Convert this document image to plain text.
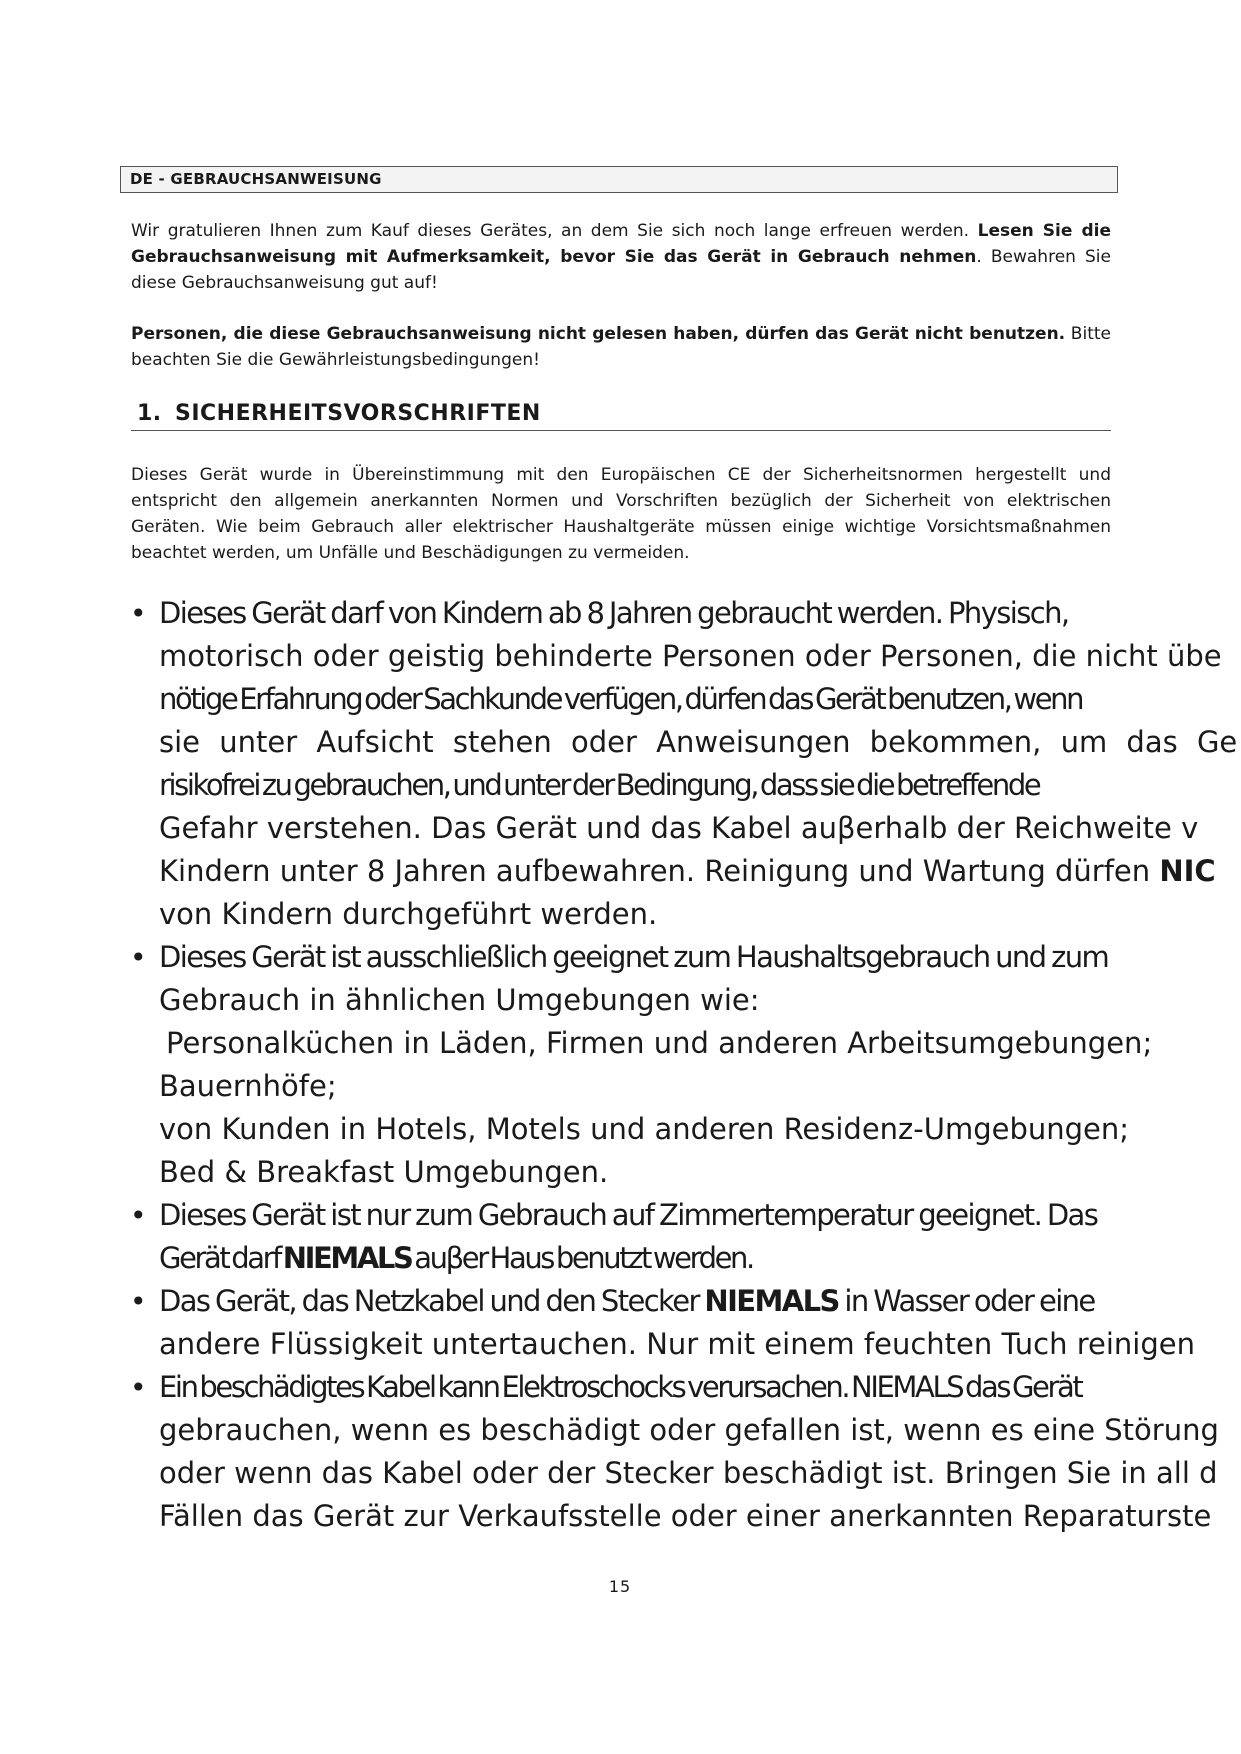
DE - GEBRAUCHSANWEISUNG

Wir gratulieren Ihnen zum Kauf dieses Gerätes, an dem Sie sich noch lange erfreuen werden. Lesen Sie die Gebrauchsanweisung mit Aufmerksamkeit, bevor Sie das Gerät in Gebrauch nehmen. Bewahren Sie diese Gebrauchsanweisung gut auf!

Personen, die diese Gebrauchsanweisung nicht gelesen haben, dürfen das Gerät nicht benutzen. Bitte beachten Sie die Gewährleistungsbedingungen!

1. SICHERHEITSVORSCHRIFTEN
Dieses Gerät wurde in Übereinstimmung mit den Europäischen CE der Sicherheitsnormen hergestellt und entspricht den allgemein anerkannten Normen und Vorschriften bezüglich der Sicherheit von elektrischen Geräten. Wie beim Gebrauch aller elektrischer Haushaltgeräte müssen einige wichtige Vorsichtsmaßnahmen beachtet werden, um Unfälle und Beschädigungen zu vermeiden.
• Dieses Gerät darf von Kindern ab 8 Jahren gebraucht werden. Physisch,
motorisch oder geistig behinderte Personen oder Personen, die nicht übe
nötige Erfahrung oder Sachkunde verfügen, dürfen das Gerät benutzen, wenn
sie unter Aufsicht stehen oder Anweisungen bekommen, um das Ge
risikofrei zu gebrauchen, und unter der Bedingung, dass sie die betreffende
Gefahr verstehen. Das Gerät und das Kabel auβerhalb der Reichweite v
Kindern unter 8 Jahren aufbewahren. Reinigung und Wartung dürfen NIC
von Kindern durchgeführt werden.
• Dieses Gerät ist ausschließlich geeignet zum Haushaltsgebrauch und zum
Gebrauch in ähnlichen Umgebungen wie:
Personalküchen in Läden, Firmen und anderen Arbeitsumgebungen;
Bauernhöfe;
von Kunden in Hotels, Motels und anderen Residenz-Umgebungen;
Bed & Breakfast Umgebungen.
• Dieses Gerät ist nur zum Gebrauch auf Zimmertemperatur geeignet. Das
Gerät darf NIEMALS auβer Haus benutzt werden.
• Das Gerät, das Netzkabel und den Stecker NIEMALS in Wasser oder eine
andere Flüssigkeit untertauchen. Nur mit einem feuchten Tuch reinigen
• Ein beschädigtes Kabel kann Elektroschocks verursachen. NIEMALS das Gerät
gebrauchen, wenn es beschädigt oder gefallen ist, wenn es eine Störung
oder wenn das Kabel oder der Stecker beschädigt ist. Bringen Sie in all d
Fällen das Gerät zur Verkaufsstelle oder einer anerkannten Reparaturste
15
